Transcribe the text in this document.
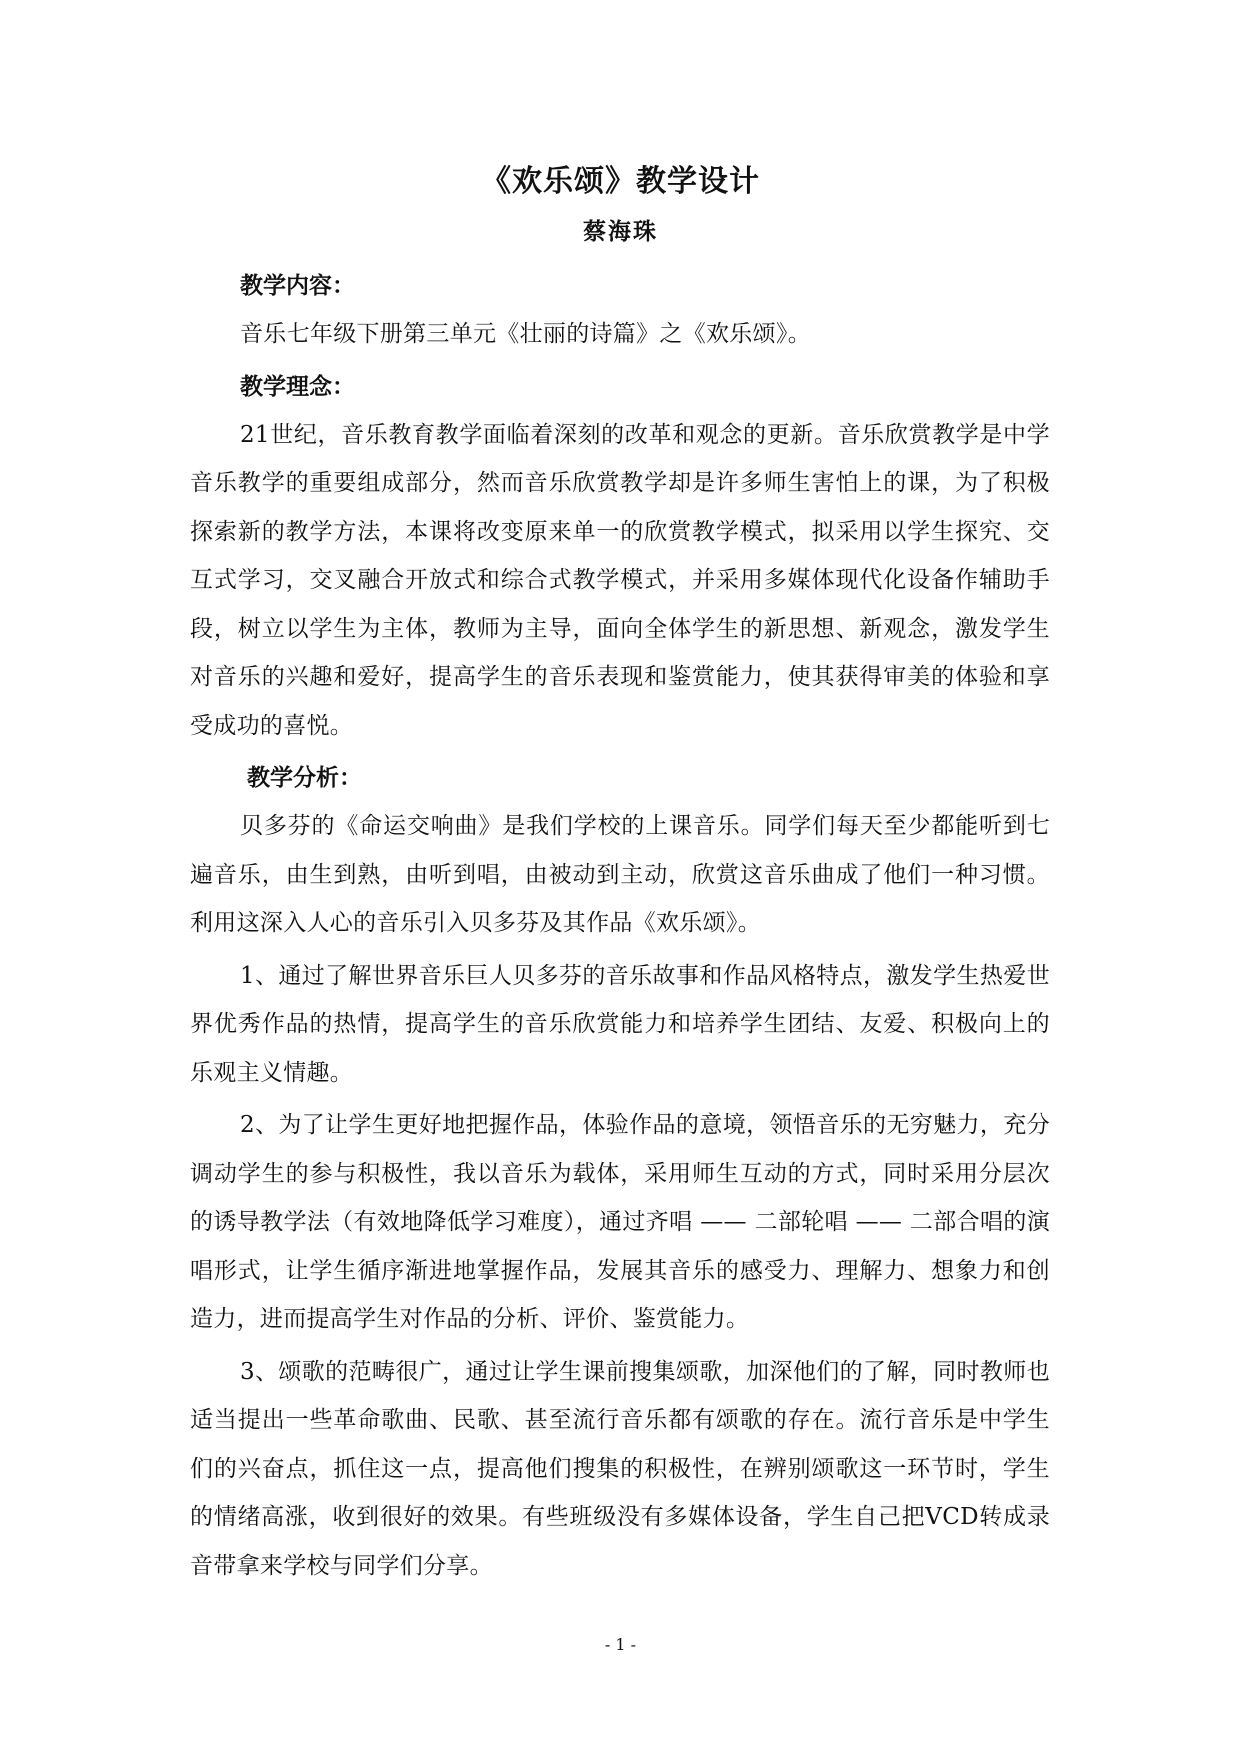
《欢乐颂》教学设计
蔡海珠

教学内容：

音乐七年级下册第三单元《壮丽的诗篇》之《欢乐颂》。

教学理念：

21世纪，音乐教育教学面临着深刻的改革和观念的更新。音乐欣赏教学是中学音乐教学的重要组成部分，然而音乐欣赏教学却是许多师生害怕上的课，为了积极探索新的教学方法，本课将改变原来单一的欣赏教学模式，拟采用以学生探究、交互式学习，交叉融合开放式和综合式教学模式，并采用多媒体现代化设备作辅助手段，树立以学生为主体，教师为主导，面向全体学生的新思想、新观念，激发学生对音乐的兴趣和爱好，提高学生的音乐表现和鉴赏能力，使其获得审美的体验和享受成功的喜悦。

教学分析：

贝多芬的《命运交响曲》是我们学校的上课音乐。同学们每天至少都能听到七遍音乐，由生到熟，由听到唱，由被动到主动，欣赏这音乐曲成了他们一种习惯。利用这深入人心的音乐引入贝多芬及其作品《欢乐颂》。

1、通过了解世界音乐巨人贝多芬的音乐故事和作品风格特点，激发学生热爱世界优秀作品的热情，提高学生的音乐欣赏能力和培养学生团结、友爱、积极向上的乐观主义情趣。

2、为了让学生更好地把握作品，体验作品的意境，领悟音乐的无穷魅力，充分调动学生的参与积极性，我以音乐为载体，采用师生互动的方式，同时采用分层次的诱导教学法（有效地降低学习难度），通过齐唱 —— 二部轮唱 —— 二部合唱的演唱形式，让学生循序渐进地掌握作品，发展其音乐的感受力、理解力、想象力和创造力，进而提高学生对作品的分析、评价、鉴赏能力。

3、颂歌的范畴很广，通过让学生课前搜集颂歌，加深他们的了解，同时教师也适当提出一些革命歌曲、民歌、甚至流行音乐都有颂歌的存在。流行音乐是中学生们的兴奋点，抓住这一点，提高他们搜集的积极性，在辨别颂歌这一环节时，学生的情绪高涨，收到很好的效果。有些班级没有多媒体设备，学生自己把VCD转成录音带拿来学校与同学们分享。

- 1 -
